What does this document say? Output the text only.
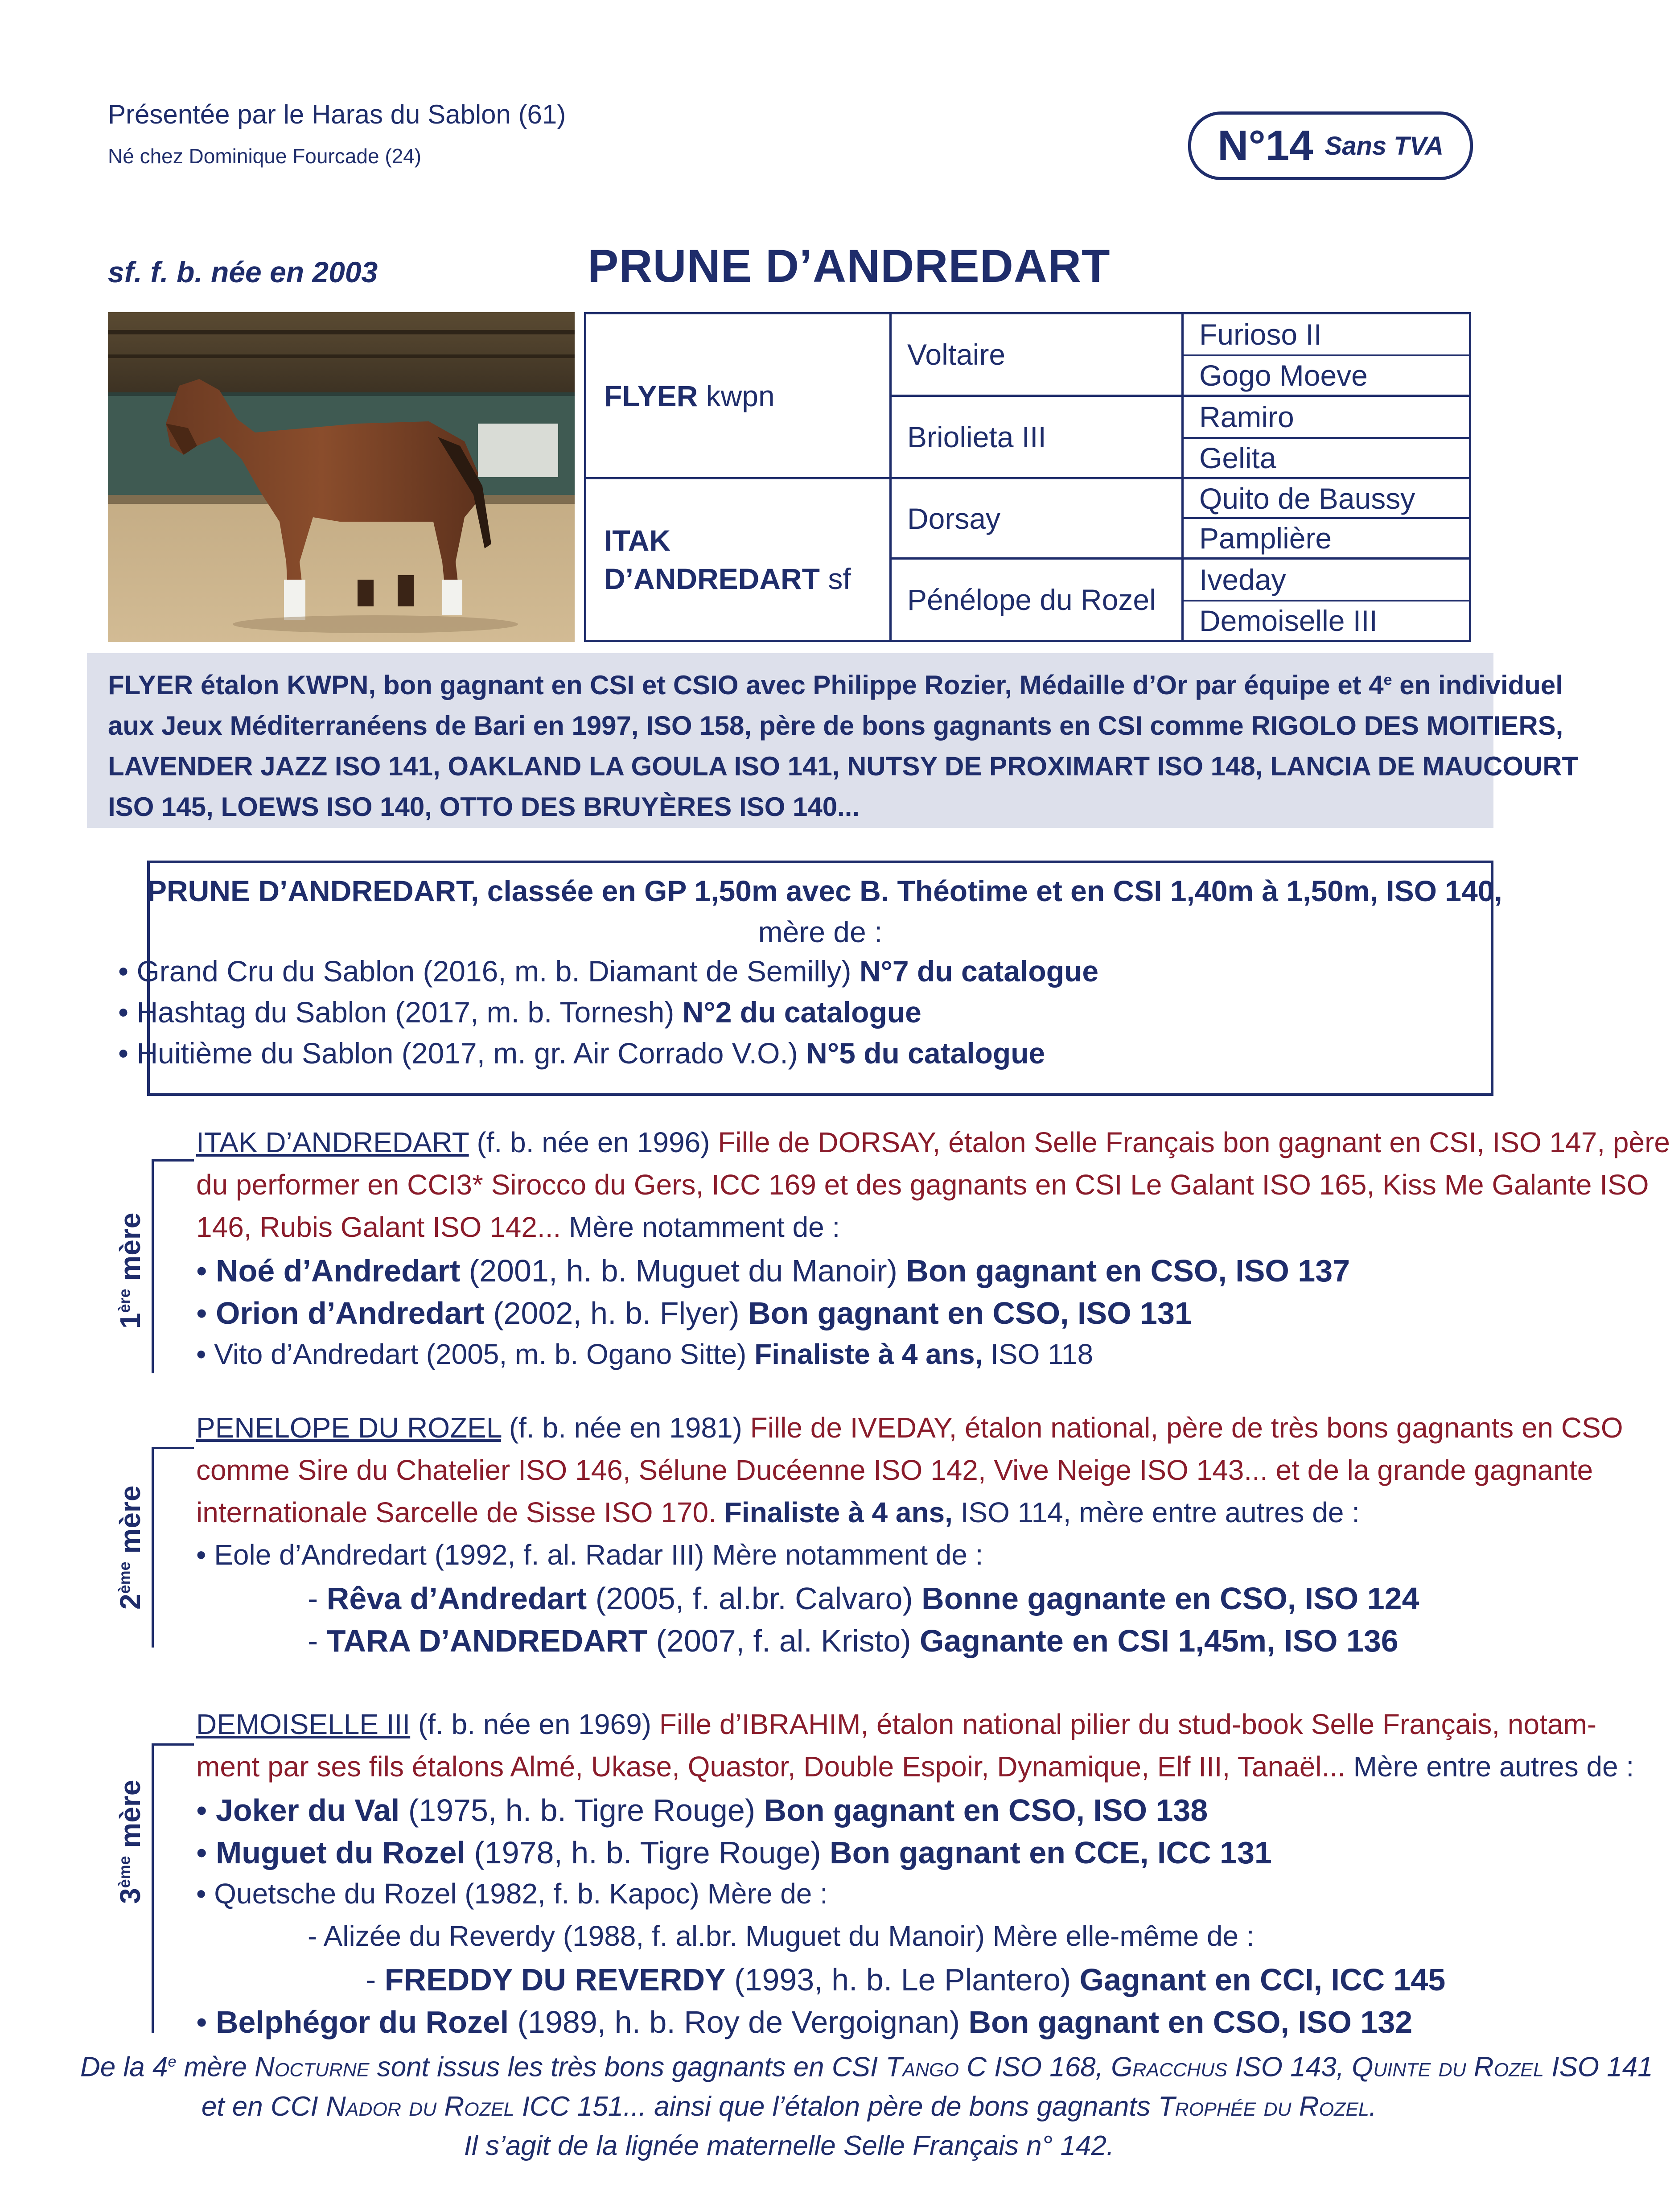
Présentée par le Haras du Sablon (61)
Né chez Dominique Fourcade (24)	N°14 Sans TVA
sf. f. b. née en 2003	PRUNE D’ANDREDART
FLYER kwpn
ITAK
D’ANDREDART sf
Voltaire
Briolieta III
Dorsay
Pénélope du Rozel
Furioso II
Gogo Moeve
Ramiro
Gelita
Quito de Baussy
Pamplière
Iveday
Demoiselle III
FLYER étalon KWPN, bon gagnant en CSI et CSIO avec Philippe Rozier, Médaille d’Or par équipe et 4e en individuel
aux Jeux Méditerranéens de Bari en 1997, ISO 158, père de bons gagnants en CSI comme RIGOLO DES MOITIERS,
LAVENDER JAZZ ISO 141, OAKLAND LA GOULA ISO 141, NUTSY DE PROXIMART ISO 148, LANCIA DE MAUCOURT
ISO 145, LOEWS ISO 140, OTTO DES BRUYÈRES ISO 140...
PRUNE D’ANDREDART, classée en GP 1,50m avec B. Théotime et en CSI 1,40m à 1,50m, ISO 140,
mère de :
• Grand Cru du Sablon (2016, m. b. Diamant de Semilly) N°7 du catalogue
• Hashtag du Sablon (2017, m. b. Tornesh) N°2 du catalogue
• Huitième du Sablon (2017, m. gr. Air Corrado V.O.) N°5 du catalogue
1ère mère
ITAK D’ANDREDART (f. b. née en 1996) Fille de DORSAY, étalon Selle Français bon gagnant en CSI, ISO 147, père
du performer en CCI3* Sirocco du Gers, ICC 169 et des gagnants en CSI Le Galant ISO 165, Kiss Me Galante ISO
146, Rubis Galant ISO 142... Mère notamment de :
• Noé d’Andredart (2001, h. b. Muguet du Manoir) Bon gagnant en CSO, ISO 137
• Orion d’Andredart (2002, h. b. Flyer) Bon gagnant en CSO, ISO 131
• Vito d’Andredart (2005, m. b. Ogano Sitte) Finaliste à 4 ans, ISO 118
2ème mère
PENELOPE DU ROZEL (f. b. née en 1981) Fille de IVEDAY, étalon national, père de très bons gagnants en CSO
comme Sire du Chatelier ISO 146, Sélune Ducéenne ISO 142, Vive Neige ISO 143... et de la grande gagnante
internationale Sarcelle de Sisse ISO 170. Finaliste à 4 ans, ISO 114, mère entre autres de :
• Eole d’Andredart (1992, f. al. Radar III) Mère notamment de :
- Rêva d’Andredart (2005, f. al.br. Calvaro) Bonne gagnante en CSO, ISO 124
- TARA D’ANDREDART (2007, f. al. Kristo) Gagnante en CSI 1,45m, ISO 136
3ème mère
DEMOISELLE III (f. b. née en 1969) Fille d’IBRAHIM, étalon national pilier du stud-book Selle Français, notam-
ment par ses fils étalons Almé, Ukase, Quastor, Double Espoir, Dynamique, Elf III, Tanaël... Mère entre autres de :
• Joker du Val (1975, h. b. Tigre Rouge) Bon gagnant en CSO, ISO 138
• Muguet du Rozel (1978, h. b. Tigre Rouge) Bon gagnant en CCE, ICC 131
• Quetsche du Rozel (1982, f. b. Kapoc) Mère de :
- Alizée du Reverdy (1988, f. al.br. Muguet du Manoir) Mère elle-même de :
- FREDDY DU REVERDY (1993, h. b. Le Plantero) Gagnant en CCI, ICC 145
• Belphégor du Rozel (1989, h. b. Roy de Vergoignan) Bon gagnant en CSO, ISO 132
De la 4e mère Nocturne sont issus les très bons gagnants en CSI Tango C ISO 168, Gracchus ISO 143, Quinte du Rozel ISO 141
et en CCI Nador du Rozel ICC 151... ainsi que l’étalon père de bons gagnants Trophée du Rozel.
Il s’agit de la lignée maternelle Selle Français n° 142.
